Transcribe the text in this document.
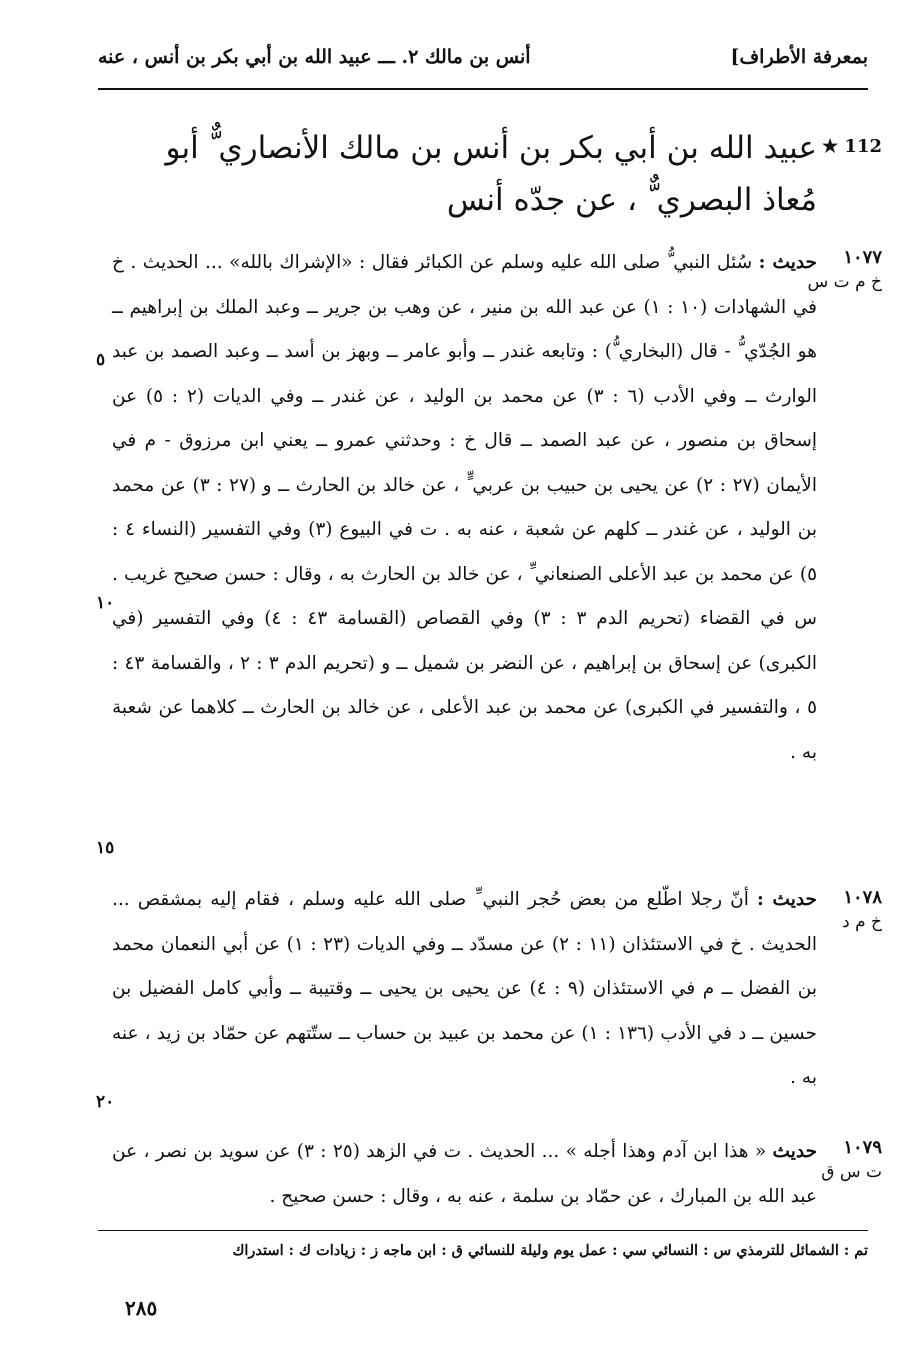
بمعرفة الأطراف]
أنس بن مالك ٢. ـــ عبيد الله بن أبي بكر بن أنس ، عنه
112 ★
عبيد الله بن أبي بكر بن أنس بن مالك الأنصاري ٌّ أبو مُعاذ البصري ٌّ ، عن جدّه أنس
١٠٧٧
خ م ت س
حديث : سُئل النبي ُّ صلى الله عليه وسلم عن الكبائر فقال : «الإشراك بالله» ... الحديث . خ في الشهادات (١٠ : ١) عن عبد الله بن منير ، عن وهب بن جرير ــ وعبد الملك بن إبراهيم ــ هو الجُدّي ُّ - قال (البخاري ُّ) : وتابعه غندر ــ وأبو عامر ــ وبهز بن أسد ــ وعبد الصمد بن عبد الوارث ــ وفي الأدب (٦ : ٣) عن محمد بن الوليد ، عن غندر ــ وفي الديات (٢ : ٥) عن إسحاق بن منصور ، عن عبد الصمد ــ قال خ : وحدثني عمرو ــ يعني ابن مرزوق - م في الأيمان (٢٧ : ٢) عن يحيى بن حبيب بن عربي ٍّ ، عن خالد بن الحارث ــ و (٢٧ : ٣) عن محمد بن الوليد ، عن غندر ــ كلهم عن شعبة ، عنه به . ت في البيوع (٣) وفي التفسير (النساء ٤ : ٥) عن محمد بن عبد الأعلى الصنعاني ِّ ، عن خالد بن الحارث به ، وقال : حسن صحيح غريب . س في القضاء (تحريم الدم ٣ : ٣) وفي القصاص (القسامة ٤٣ : ٤) وفي التفسير (في الكبرى) عن إسحاق بن إبراهيم ، عن النضر بن شميل ــ و (تحريم الدم ٣ : ٢ ، والقسامة ٤٣ : ٥ ، والتفسير في الكبرى) عن محمد بن عبد الأعلى ، عن خالد بن الحارث ــ كلاهما عن شعبة به .
١٠٧٨
خ م د
حديث : أنّ رجلا اطّلع من بعض حُجر النبي ِّ صلى الله عليه وسلم ، فقام إليه بمشقص ... الحديث . خ في الاستئذان (١١ : ٢) عن مسدّد ــ وفي الديات (٢٣ : ١) عن أبي النعمان محمد بن الفضل ــ م في الاستئذان (٩ : ٤) عن يحيى بن يحيى ــ وقتيبة ــ وأبي كامل الفضيل بن حسين ــ د في الأدب (١٣٦ : ١) عن محمد بن عبيد بن حساب ــ ستّتهم عن حمّاد بن زيد ، عنه به .
١٠٧٩
ت س ق
حديث « هذا ابن آدم وهذا أجله » ... الحديث . ت في الزهد (٢٥ : ٣) عن سويد بن نصر ، عن عبد الله بن المبارك ، عن حمّاد بن سلمة ، عنه به ، وقال : حسن صحيح .
٥
١٠
١٥
٢٠
تم : الشمائل للترمذي س : النسائي سي : عمل يوم وليلة للنسائي ق : ابن ماجه ز : زيادات ك : استدراك
٢٨٥
